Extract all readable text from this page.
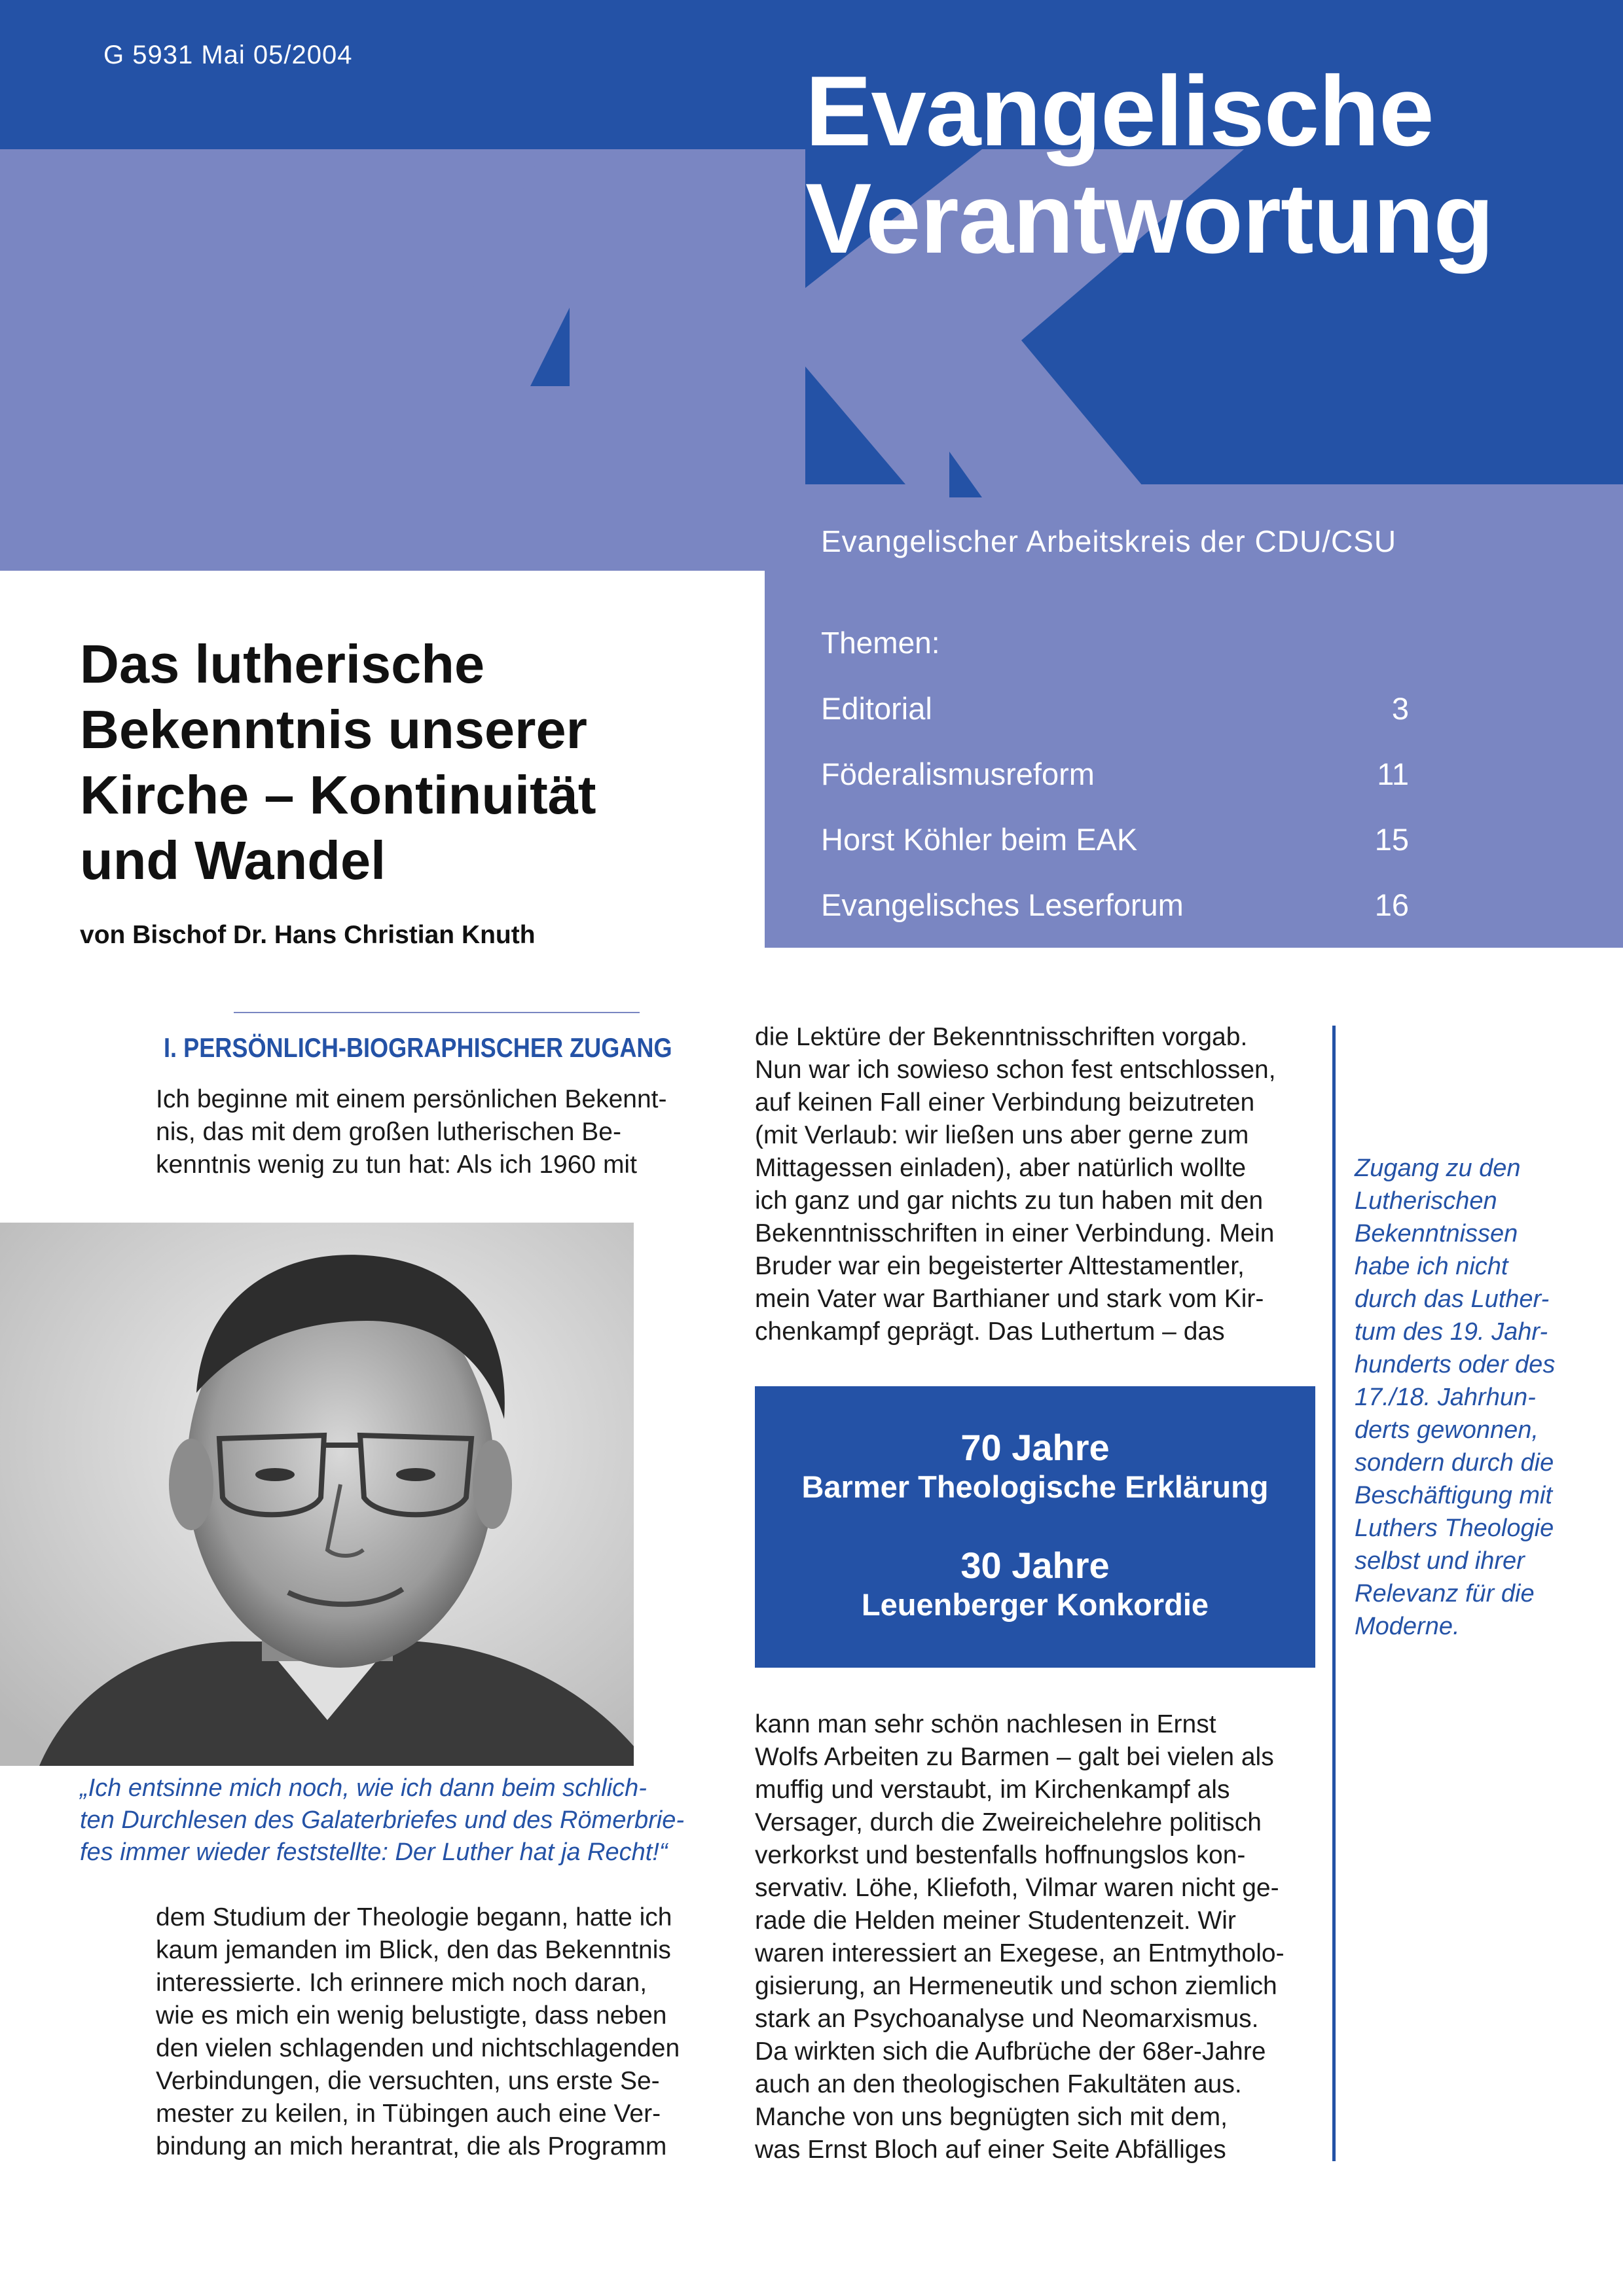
G 5931 Mai 05/2004
Evangelische
Verantwortung
Evangelischer Arbeitskreis der CDU/CSU
Themen:
Editorial	3
Föderalismusreform	11
Horst Köhler beim EAK	15
Evangelisches Leserforum	16
Das lutherische
Bekenntnis unserer
Kirche – Kontinuität
und Wandel
von Bischof Dr. Hans Christian Knuth
I. PERSÖNLICH-BIOGRAPHISCHER ZUGANG
Ich beginne mit einem persönlichen Bekennt-
nis, das mit dem großen lutherischen Be-
kenntnis wenig zu tun hat: Als ich 1960 mit
„Ich entsinne mich noch, wie ich dann beim schlich-
ten Durchlesen des Galaterbriefes und des Römerbrie-
fes immer wieder feststellte: Der Luther hat ja Recht!“
dem Studium der Theologie begann, hatte ich
kaum jemanden im Blick, den das Bekenntnis
interessierte. Ich erinnere mich noch daran,
wie es mich ein wenig belustigte, dass neben
den vielen schlagenden und nichtschlagenden
Verbindungen, die versuchten, uns erste Se-
mester zu keilen, in Tübingen auch eine Ver-
bindung an mich herantrat, die als Programm
die Lektüre der Bekenntnisschriften vorgab.
Nun war ich sowieso schon fest entschlossen,
auf keinen Fall einer Verbindung beizutreten
(mit Verlaub: wir ließen uns aber gerne zum
Mittagessen einladen), aber natürlich wollte
ich ganz und gar nichts zu tun haben mit den
Bekenntnisschriften in einer Verbindung. Mein
Bruder war ein begeisterter Alttestamentler,
mein Vater war Barthianer und stark vom Kir-
chenkampf geprägt. Das Luthertum – das
70 Jahre
Barmer Theologische Erklärung
30 Jahre
Leuenberger Konkordie
kann man sehr schön nachlesen in Ernst
Wolfs Arbeiten zu Barmen – galt bei vielen als
muffig und verstaubt, im Kirchenkampf als
Versager, durch die Zweireichelehre politisch
verkorkst und bestenfalls hoffnungslos kon-
servativ. Löhe, Kliefoth, Vilmar waren nicht ge-
rade die Helden meiner Studentenzeit. Wir
waren interessiert an Exegese, an Entmytholo-
gisierung, an Hermeneutik und schon ziemlich
stark an Psychoanalyse und Neomarxismus.
Da wirkten sich die Aufbrüche der 68er-Jahre
auch an den theologischen Fakultäten aus.
Manche von uns begnügten sich mit dem,
was Ernst Bloch auf einer Seite Abfälliges
Zugang zu den
Lutherischen
Bekenntnissen
habe ich nicht
durch das Luther-
tum des 19. Jahr-
hunderts oder des
17./18. Jahrhun-
derts gewonnen,
sondern durch die
Beschäftigung mit
Luthers Theologie
selbst und ihrer
Relevanz für die
Moderne.
